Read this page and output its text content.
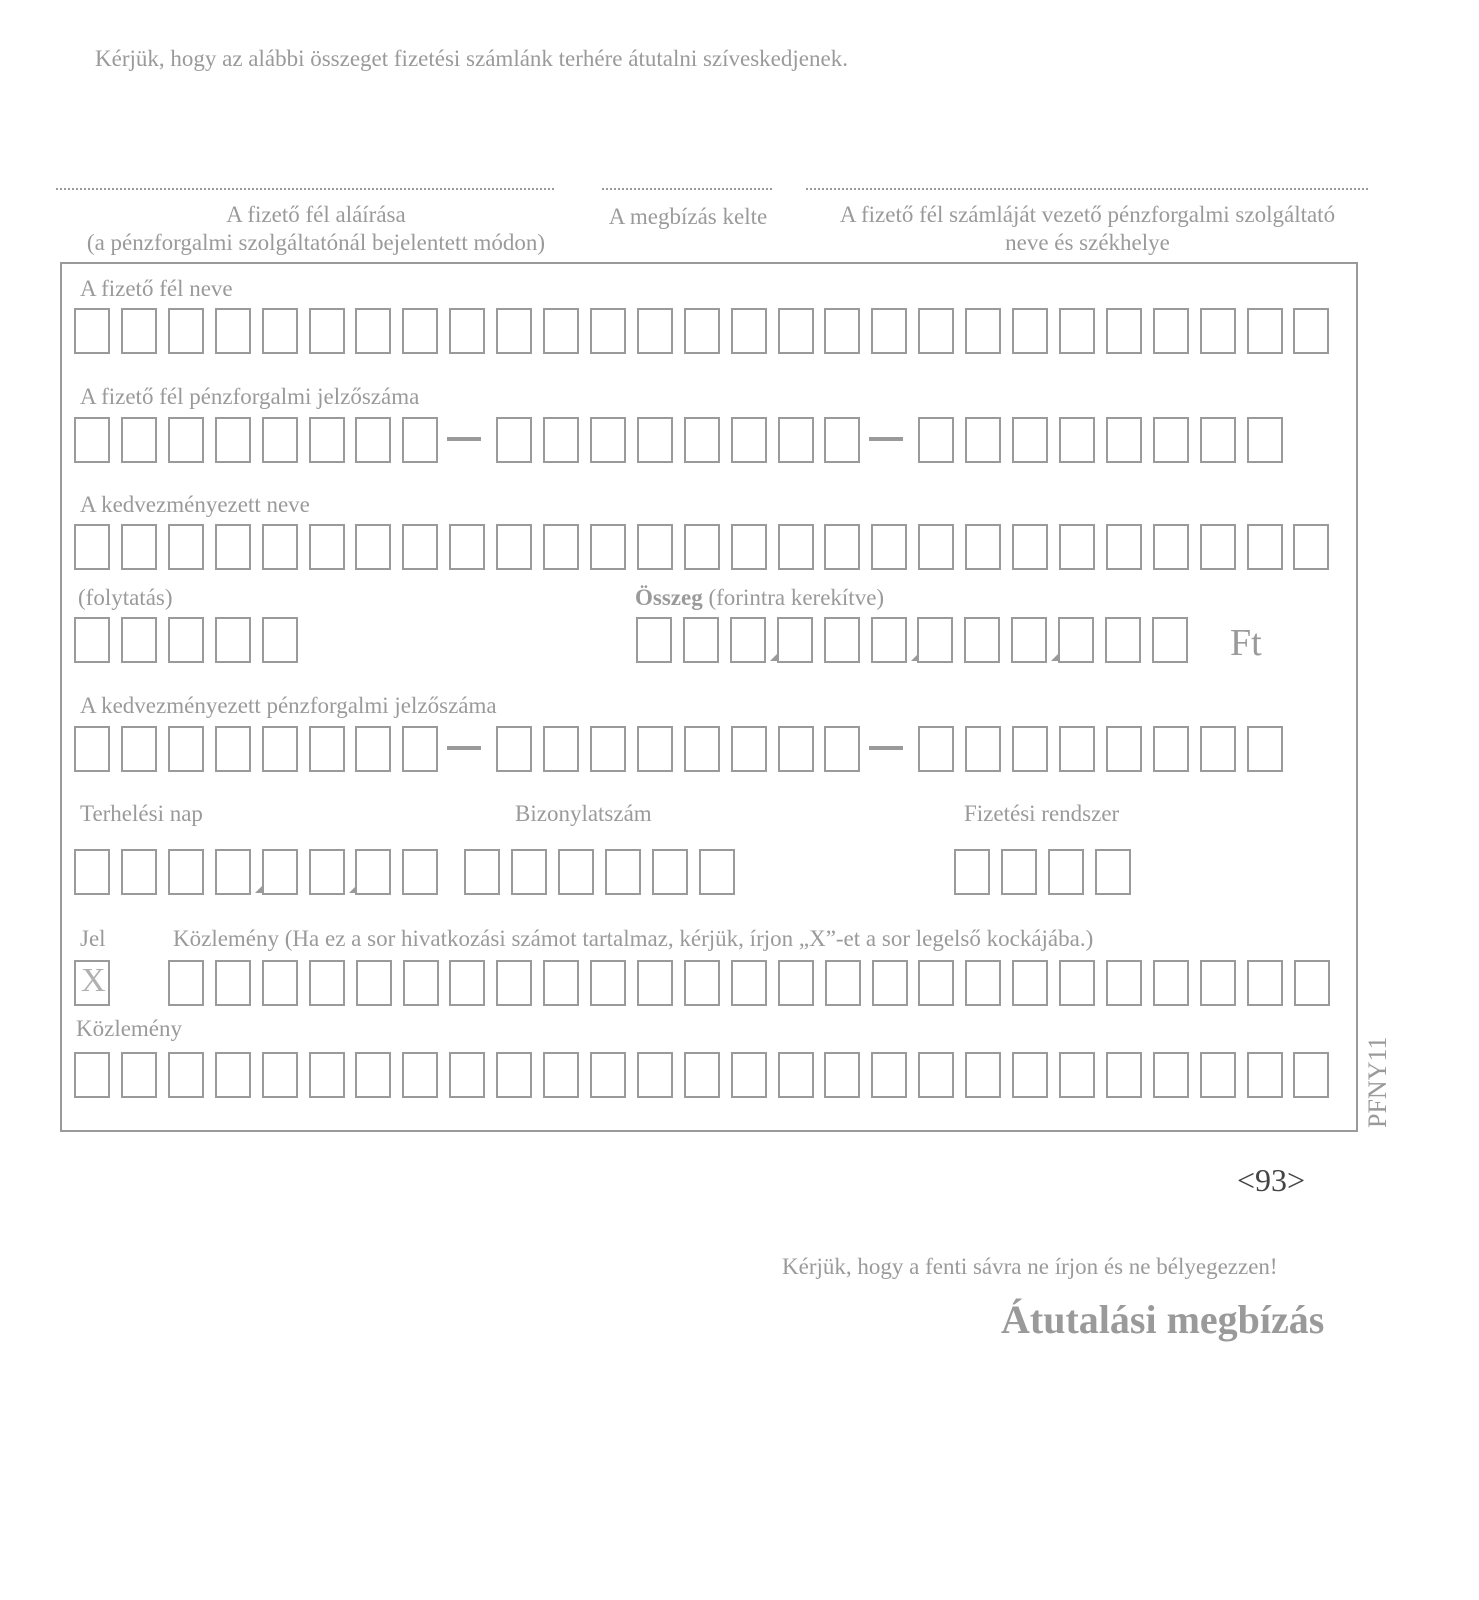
Kérjük, hogy az alábbi összeget fizetési számlánk terhére átutalni szíveskedjenek.
A fizető fél aláírása
(a pénzforgalmi szolgáltatónál bejelentett módon)
A megbízás kelte	A fizető fél számláját vezető pénzforgalmi szolgáltató
neve és székhelye
A fizető fél neve
A fizető fél pénzforgalmi jelzőszáma
A kedvezményezett neve
(folytatás)	Összeg (forintra kerekítve)
Ft
A kedvezményezett pénzforgalmi jelzőszáma
Terhelési nap	Bizonylatszám	Fizetési rendszer
Jel	Közlemény (Ha ez a sor hivatkozási számot tartalmaz, kérjük, írjon „X”-et a sor legelső kockájába.)
X
Közlemény
PFNY11
<93>
Kérjük, hogy a fenti sávra ne írjon és ne bélyegezzen!
Átutalási megbízás
